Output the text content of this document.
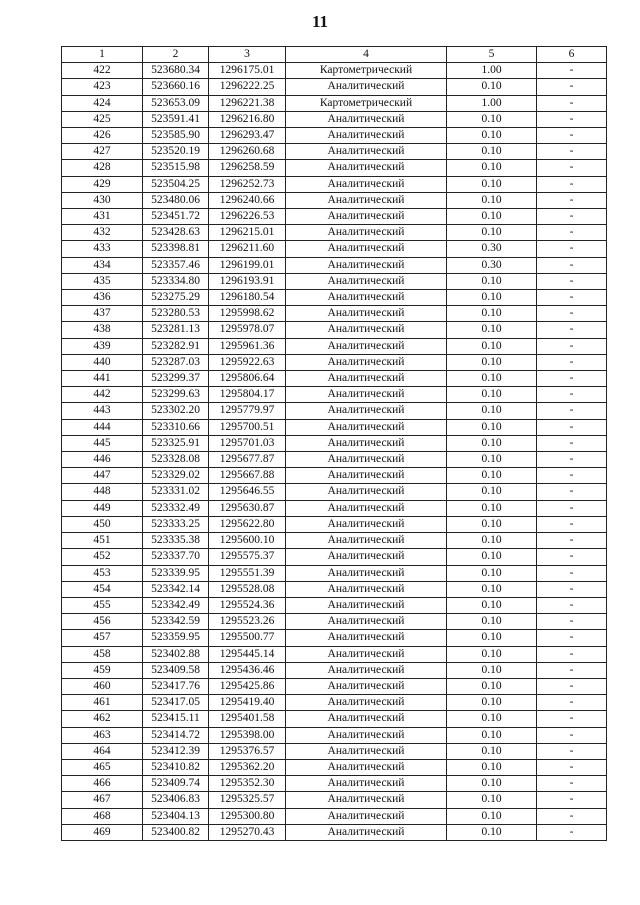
11
1	2	3	4	5	6
422	523680.34	1296175.01	Картометрический	1.00	-
423	523660.16	1296222.25	Аналитический	0.10	-
424	523653.09	1296221.38	Картометрический	1.00	-
425	523591.41	1296216.80	Аналитический	0.10	-
426	523585.90	1296293.47	Аналитический	0.10	-
427	523520.19	1296260.68	Аналитический	0.10	-
428	523515.98	1296258.59	Аналитический	0.10	-
429	523504.25	1296252.73	Аналитический	0.10	-
430	523480.06	1296240.66	Аналитический	0.10	-
431	523451.72	1296226.53	Аналитический	0.10	-
432	523428.63	1296215.01	Аналитический	0.10	-
433	523398.81	1296211.60	Аналитический	0.30	-
434	523357.46	1296199.01	Аналитический	0.30	-
435	523334.80	1296193.91	Аналитический	0.10	-
436	523275.29	1296180.54	Аналитический	0.10	-
437	523280.53	1295998.62	Аналитический	0.10	-
438	523281.13	1295978.07	Аналитический	0.10	-
439	523282.91	1295961.36	Аналитический	0.10	-
440	523287.03	1295922.63	Аналитический	0.10	-
441	523299.37	1295806.64	Аналитический	0.10	-
442	523299.63	1295804.17	Аналитический	0.10	-
443	523302.20	1295779.97	Аналитический	0.10	-
444	523310.66	1295700.51	Аналитический	0.10	-
445	523325.91	1295701.03	Аналитический	0.10	-
446	523328.08	1295677.87	Аналитический	0.10	-
447	523329.02	1295667.88	Аналитический	0.10	-
448	523331.02	1295646.55	Аналитический	0.10	-
449	523332.49	1295630.87	Аналитический	0.10	-
450	523333.25	1295622.80	Аналитический	0.10	-
451	523335.38	1295600.10	Аналитический	0.10	-
452	523337.70	1295575.37	Аналитический	0.10	-
453	523339.95	1295551.39	Аналитический	0.10	-
454	523342.14	1295528.08	Аналитический	0.10	-
455	523342.49	1295524.36	Аналитический	0.10	-
456	523342.59	1295523.26	Аналитический	0.10	-
457	523359.95	1295500.77	Аналитический	0.10	-
458	523402.88	1295445.14	Аналитический	0.10	-
459	523409.58	1295436.46	Аналитический	0.10	-
460	523417.76	1295425.86	Аналитический	0.10	-
461	523417.05	1295419.40	Аналитический	0.10	-
462	523415.11	1295401.58	Аналитический	0.10	-
463	523414.72	1295398.00	Аналитический	0.10	-
464	523412.39	1295376.57	Аналитический	0.10	-
465	523410.82	1295362.20	Аналитический	0.10	-
466	523409.74	1295352.30	Аналитический	0.10	-
467	523406.83	1295325.57	Аналитический	0.10	-
468	523404.13	1295300.80	Аналитический	0.10	-
469	523400.82	1295270.43	Аналитический	0.10	-
